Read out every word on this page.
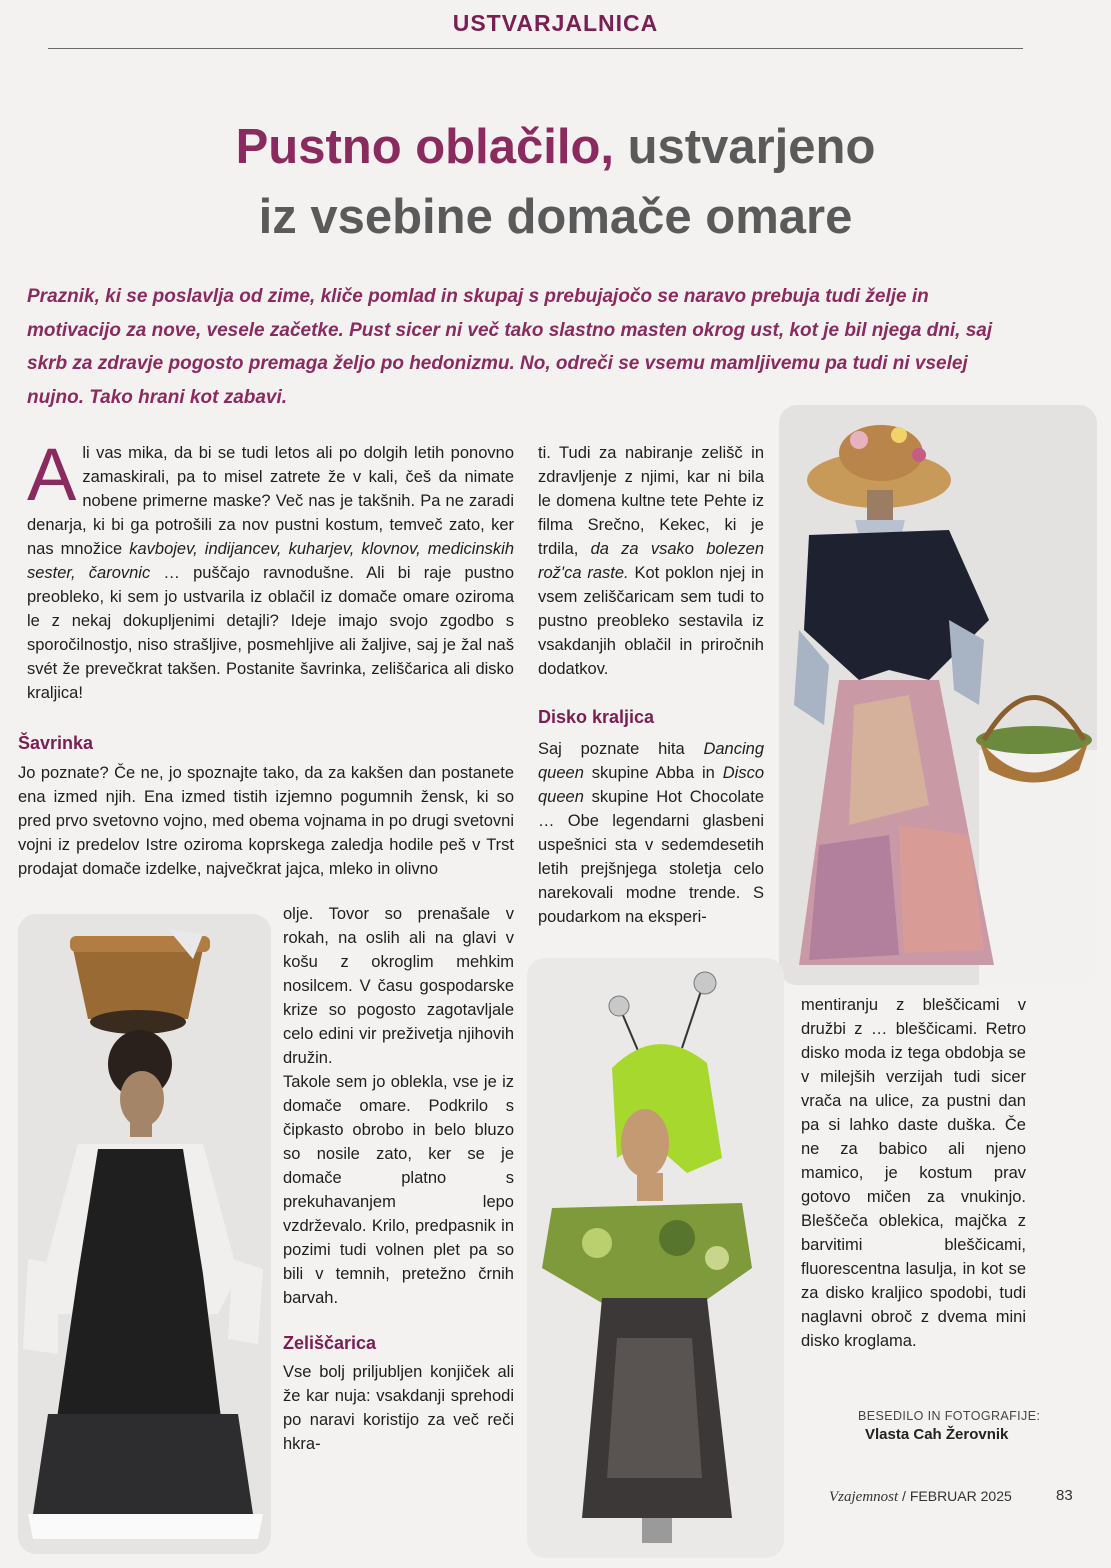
USTVARJALNICA
Pustno oblačilo, ustvarjeno
iz vsebine domače omare
Praznik, ki se poslavlja od zime, kliče pomlad in skupaj s prebujajočo se naravo prebuja tudi želje in motivacijo za nove, vesele začetke. Pust sicer ni več tako slastno masten okrog ust, kot je bil njega dni, saj skrb za zdravje pogosto premaga željo po hedonizmu. No, odreči se vsemu mamljivemu pa tudi ni vselej nujno. Tako hrani kot zabavi.

Ali vas mika, da bi se tudi letos ali po dolgih letih ponovno zamaskirali, pa to misel zatrete že v kali, češ da nimate nobene primerne maske? Več nas je takšnih. Pa ne zaradi denarja, ki bi ga potrošili za nov pustni kostum, temveč zato, ker nas množice kavbojev, indijancev, kuharjev, klovnov, medicinskih sester, čarovnic … puščajo ravnodušne. Ali bi raje pustno preobleko, ki sem jo ustvarila iz oblačil iz domače omare oziroma le z nekaj dokupljenimi detajli? Ideje imajo svojo zgodbo s sporočilnostjo, niso strašljive, posmehljive ali žaljive, saj je žal naš svét že prevečkrat takšen. Postanite šavrinka, zeliščarica ali disko kraljica!

Šavrinka

Jo poznate? Če ne, jo spoznajte tako, da za kakšen dan postanete ena izmed njih. Ena izmed tistih izjemno pogumnih žensk, ki so pred prvo svetovno vojno, med obema vojnama in po drugi svetovni vojni iz predelov Istre oziroma koprskega zaledja hodile peš v Trst prodajat domače izdelke, največkrat jajca, mleko in olivno

olje. Tovor so prenašale v rokah, na oslih ali na glavi v košu z okroglim mehkim nosilcem. V času gospodarske krize so pogosto zagotavljale celo edini vir preživetja njihovih družin.

Takole sem jo oblekla, vse je iz domače omare. Podkrilo s čipkasto obrobo in belo bluzo so nosile zato, ker se je domače platno s prekuhavanjem lepo vzdrževalo. Krilo, predpasnik in pozimi tudi volnen plet pa so bili v temnih, pretežno črnih barvah.

Zeliščarica

Vse bolj priljubljen konjiček ali že kar nuja: vsakdanji sprehodi po naravi koristijo za več reči hkra-

ti. Tudi za nabiranje zelišč in zdravljenje z njimi, kar ni bila le domena kultne tete Pehte iz filma Srečno, Kekec, ki je trdila, da za vsako bolezen rož'ca raste. Kot poklon njej in vsem zeliščaricam sem tudi to pustno preobleko sestavila iz vsakdanjih oblačil in priročnih dodatkov.

Disko kraljica

Saj poznate hita Dancing queen skupine Abba in Disco queen skupine Hot Chocolate … Obe legendarni glasbeni uspešnici sta v sedemdesetih letih prejšnjega stoletja celo narekovali modne trende. S poudarkom na eksperi-

mentiranju z bleščicami v družbi z … bleščicami. Retro disko moda iz tega obdobja se v milejših verzijah tudi sicer vrača na ulice, za pustni dan pa si lahko daste duška. Če ne za babico ali njeno mamico, je kostum prav gotovo mičen za vnukinjo. Bleščeča oblekica, majčka z barvitimi bleščicami, fluorescentna lasulja, in kot se za disko kraljico spodobi, tudi naglavni obroč z dvema mini disko kroglama.

BESEDILO IN FOTOGRAFIJE:
Vlasta Cah Žerovnik
Vzajemnost / FEBRUAR 2025	83
